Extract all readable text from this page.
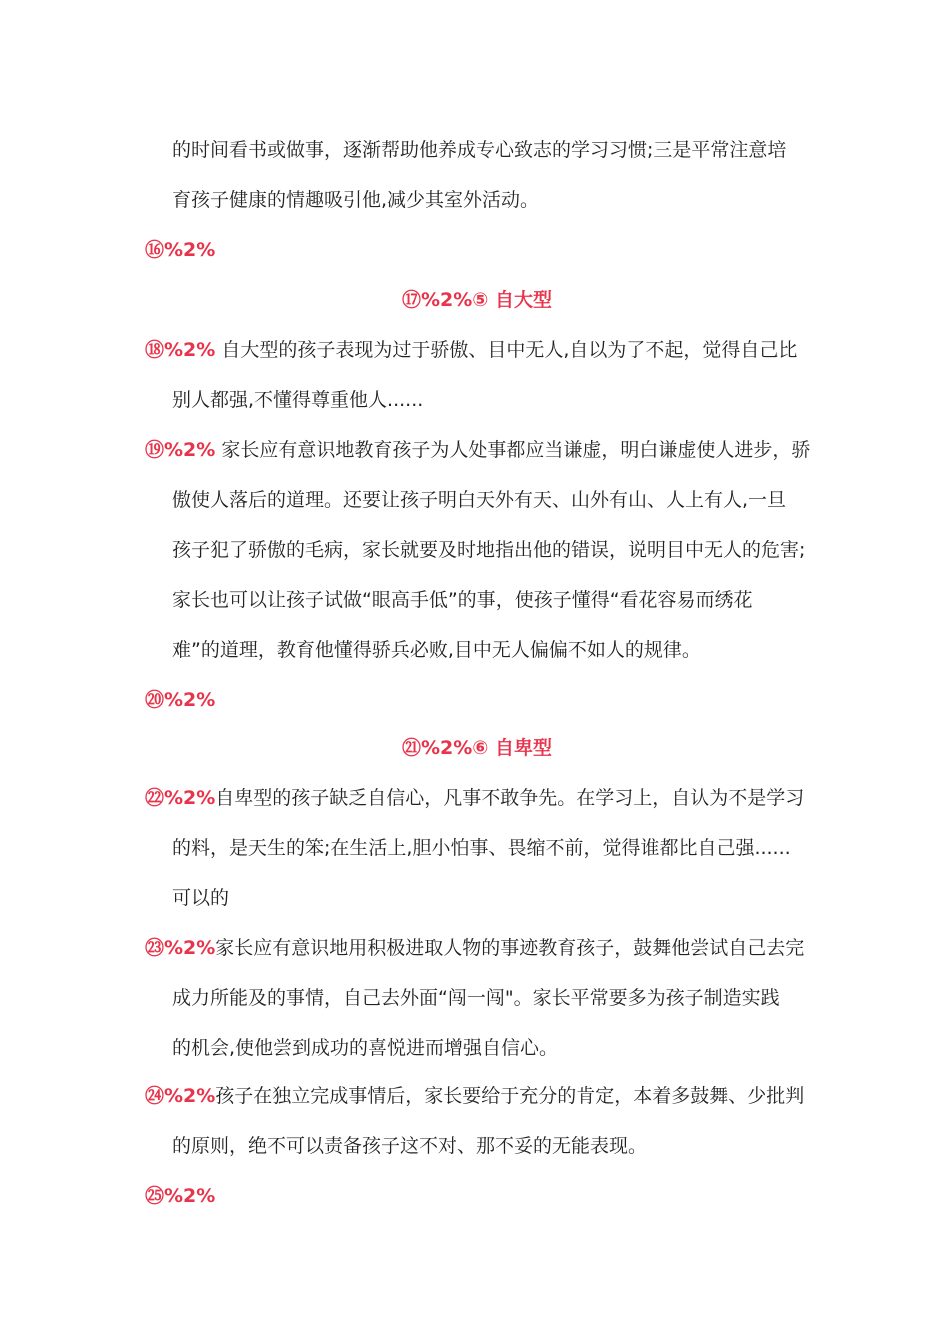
的时间看书或做事，逐渐帮助他养成专心致志的学习习惯;三是平常注意培
育孩子健康的情趣吸引他,减少其室外活动。
⑯%2%
⑰%2%⑤ 自大型
⑱%2% 自大型的孩子表现为过于骄傲、目中无人,自以为了不起，觉得自己比
别人都强,不懂得尊重他人......
⑲%2% 家长应有意识地教育孩子为人处事都应当谦虚，明白谦虚使人进步，骄
傲使人落后的道理。还要让孩子明白天外有天、山外有山、人上有人,一旦
孩子犯了骄傲的毛病，家长就要及时地指出他的错误，说明目中无人的危害;
家长也可以让孩子试做“眼高手低”的事，使孩子懂得“看花容易而绣花
难”的道理，教育他懂得骄兵必败,目中无人偏偏不如人的规律。
⑳%2%
㉑%2%⑥ 自卑型
㉒%2%自卑型的孩子缺乏自信心，凡事不敢争先。在学习上，自认为不是学习
的料，是天生的笨;在生活上,胆小怕事、畏缩不前，觉得谁都比自己强......
可以的
㉓%2%家长应有意识地用积极进取人物的事迹教育孩子，鼓舞他尝试自己去完
成力所能及的事情，自己去外面“闯一闯"。家长平常要多为孩子制造实践
的机会,使他尝到成功的喜悦进而增强自信心。
㉔%2%孩子在独立完成事情后，家长要给于充分的肯定，本着多鼓舞、少批判
的原则，绝不可以责备孩子这不对、那不妥的无能表现。
㉕%2%
